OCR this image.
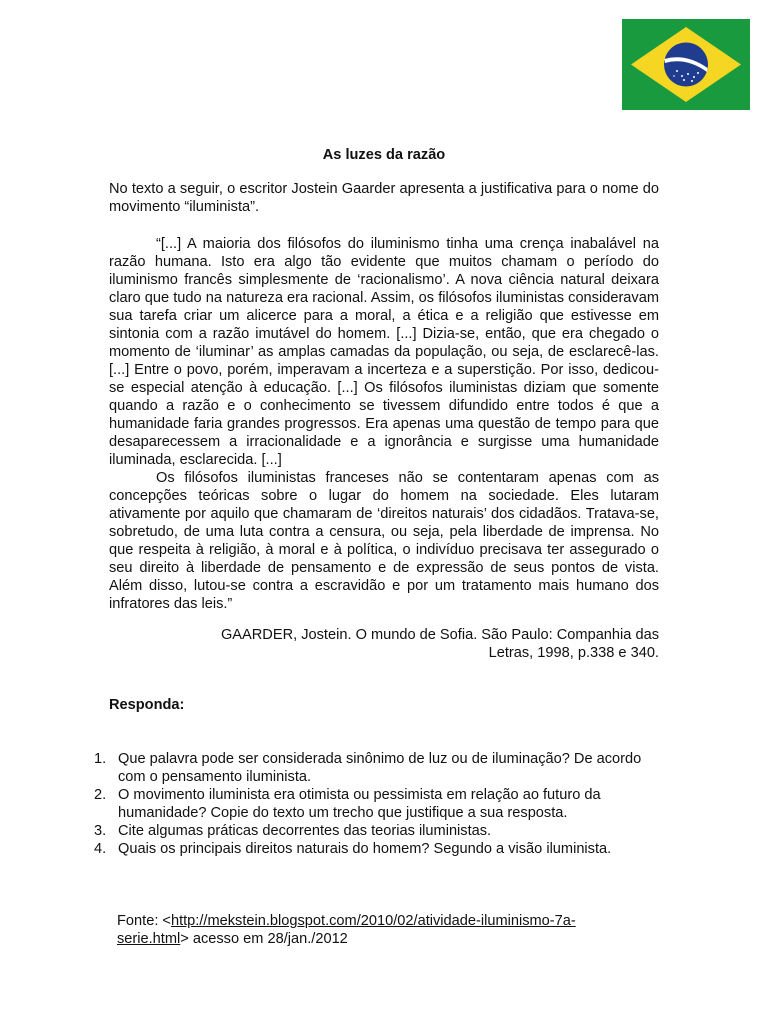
As luzes da razão
No texto a seguir, o escritor Jostein Gaarder apresenta a justificativa para o nome do movimento “iluminista”.

“[...] A maioria dos filósofos do iluminismo tinha uma crença inabalável na razão humana. Isto era algo tão evidente que muitos chamam o período do iluminismo francês simplesmente de ‘racionalismo’. A nova ciência natural deixara claro que tudo na natureza era racional. Assim, os filósofos iluministas consideravam sua tarefa criar um alicerce para a moral, a ética e a religião que estivesse em sintonia com a razão imutável do homem. [...] Dizia-se, então, que era chegado o momento de ‘iluminar’ as amplas camadas da população, ou seja, de esclarecê-las. [...] Entre o povo, porém, imperavam a incerteza e a superstição. Por isso, dedicou-se especial atenção à educação. [...] Os filósofos iluministas diziam que somente quando a razão e o conhecimento se tivessem difundido entre todos é que a humanidade faria grandes progressos. Era apenas uma questão de tempo para que desaparecessem a irracionalidade e a ignorância e surgisse uma humanidade iluminada, esclarecida. [...]

Os filósofos iluministas franceses não se contentaram apenas com as concepções teóricas sobre o lugar do homem na sociedade. Eles lutaram ativamente por aquilo que chamaram de ‘direitos naturais’ dos cidadãos. Tratava-se, sobretudo, de uma luta contra a censura, ou seja, pela liberdade de imprensa. No que respeita à religião, à moral e à política, o indivíduo precisava ter assegurado o seu direito à liberdade de pensamento e de expressão de seus pontos de vista. Além disso, lutou-se contra a escravidão e por um tratamento mais humano dos infratores das leis.”

GAARDER, Jostein. O mundo de Sofia. São Paulo: Companhia das
Letras, 1998, p.338 e 340.
Responda:
1. Que palavra pode ser considerada sinônimo de luz ou de iluminação? De acordo com o pensamento iluminista.
2. O movimento iluminista era otimista ou pessimista em relação ao futuro da humanidade? Copie do texto um trecho que justifique a sua resposta.
3. Cite algumas práticas decorrentes das teorias iluministas.
4. Quais os principais direitos naturais do homem? Segundo a visão iluminista.
Fonte: <http://mekstein.blogspot.com/2010/02/atividade-iluminismo-7a-serie.html> acesso em 28/jan./2012
